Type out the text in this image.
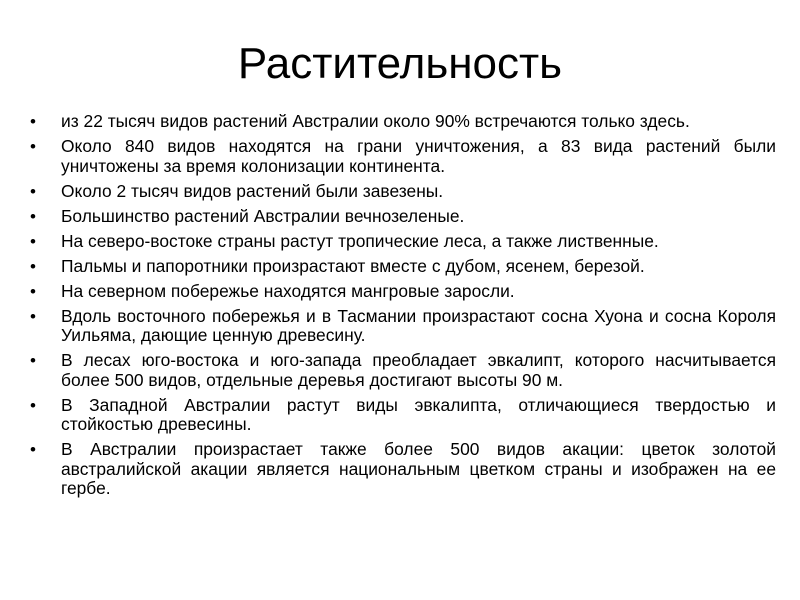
Растительность
• из 22 тысяч видов растений Австралии около 90% встречаются только здесь.
• Около 840 видов находятся на грани уничтожения, а 83 вида растений были уничтожены за время колонизации континента.
• Около 2 тысяч видов растений были завезены.
• Большинство растений Австралии вечнозеленые.
• На северо-востоке страны растут тропические леса, а также лиственные.
• Пальмы и папоротники произрастают вместе с дубом, ясенем, березой.
• На северном побережье находятся мангровые заросли.
• Вдоль восточного побережья и в Тасмании произрастают сосна Хуона и сосна Короля Уильяма, дающие ценную древесину.
• В лесах юго-востока и юго-запада преобладает эвкалипт, которого насчитывается более 500 видов, отдельные деревья достигают высоты 90 м.
• В Западной Австралии растут виды эвкалипта, отличающиеся твердостью и стойкостью древесины.
• В Австралии произрастает также более 500 видов акации: цветок золотой австралийской акации является национальным цветком страны и изображен на ее гербе.
